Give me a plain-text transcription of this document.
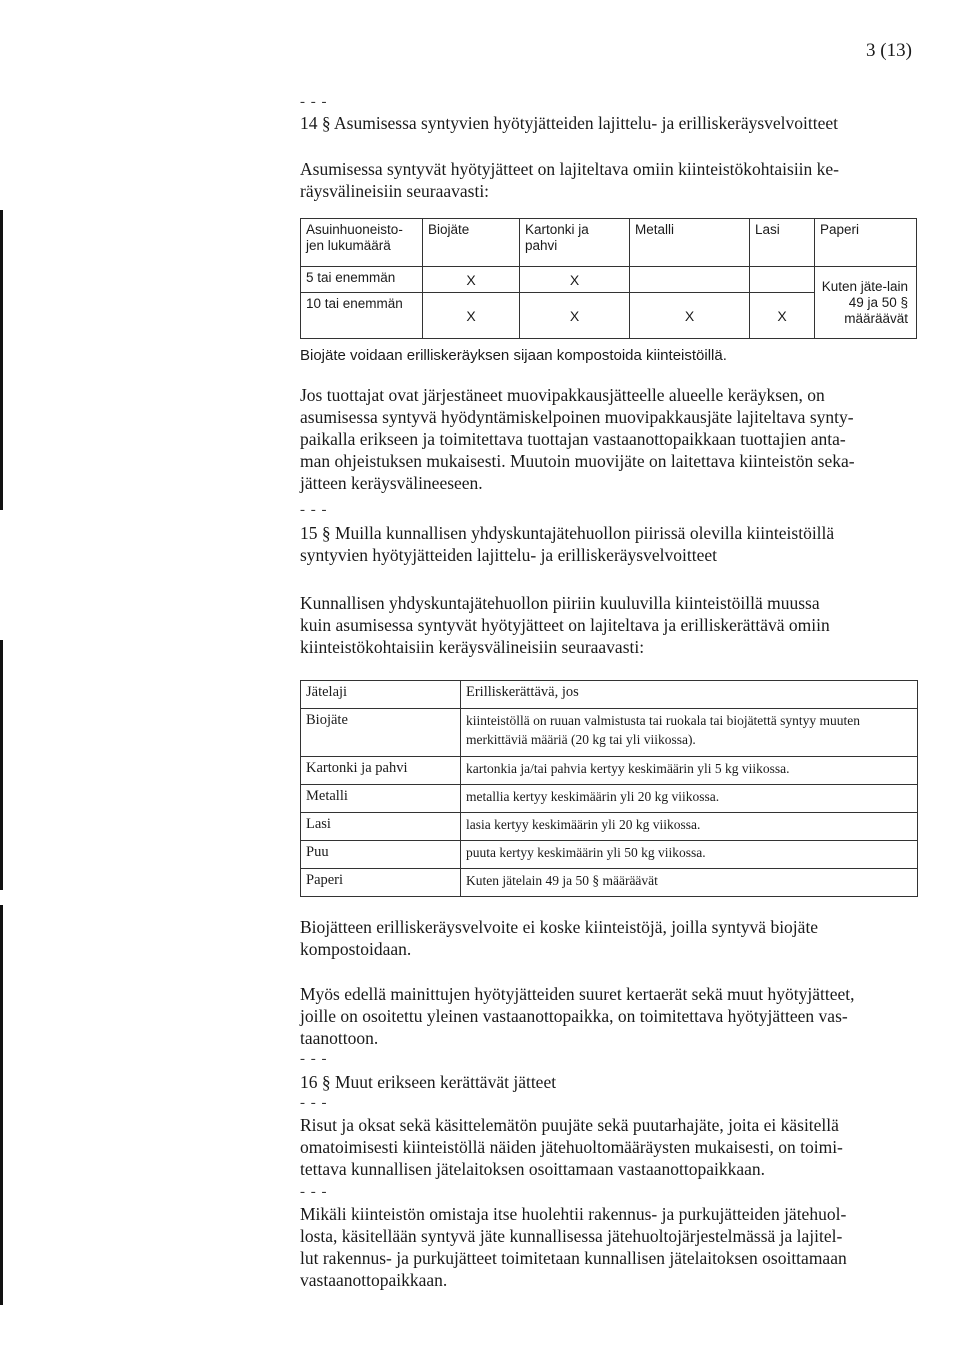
3 (13)
- - -
14 § Asumisessa syntyvien hyötyjätteiden lajittelu- ja erilliskeräysvelvoitteet
Asumisessa syntyvät hyötyjätteet on lajiteltava omiin kiinteistökohtaisiin ke-
räysvälineisiin seuraavasti:
Asuinhuoneisto-jen lukumäärä	Biojäte	Kartonki ja pahvi	Metalli	Lasi	Paperi
5 tai enemmän	X	X			Kuten jäte-lain 49 ja 50 § määräävät
10 tai enemmän	X	X	X	X	
Biojäte voidaan erilliskeräyksen sijaan kompostoida kiinteistöillä.
Jos tuottajat ovat järjestäneet muovipakkausjätteelle alueelle keräyksen, on
asumisessa syntyvä hyödyntämiskelpoinen muovipakkausjäte lajiteltava synty-
paikalla erikseen ja toimitettava tuottajan vastaanottopaikkaan tuottajien anta-
man ohjeistuksen mukaisesti. Muutoin muovijäte on laitettava kiinteistön seka-
jätteen keräysvälineeseen.
- - -
15 § Muilla kunnallisen yhdyskuntajätehuollon piirissä olevilla kiinteistöillä
syntyvien hyötyjätteiden lajittelu- ja erilliskeräysvelvoitteet
Kunnallisen yhdyskuntajätehuollon piiriin kuuluvilla kiinteistöillä muussa
kuin asumisessa syntyvät hyötyjätteet on lajiteltava ja erilliskerättävä omiin
kiinteistökohtaisiin keräysvälineisiin seuraavasti:
Jätelaji	Erilliskerättävä, jos
Biojäte	kiinteistöllä on ruuan valmistusta tai ruokala tai biojätettä syntyy muuten merkittäviä määriä (20 kg tai yli viikossa).
Kartonki ja pahvi	kartonkia ja/tai pahvia kertyy keskimäärin yli 5 kg viikossa.
Metalli	metallia kertyy keskimäärin yli 20 kg viikossa.
Lasi	lasia kertyy keskimäärin yli 20 kg viikossa.
Puu	puuta kertyy keskimäärin yli 50 kg viikossa.
Paperi	Kuten jätelain 49 ja 50 § määräävät
Biojätteen erilliskeräysvelvoite ei koske kiinteistöjä, joilla syntyvä biojäte
kompostoidaan.
Myös edellä mainittujen hyötyjätteiden suuret kertaerät sekä muut hyötyjätteet,
joille on osoitettu yleinen vastaanottopaikka, on toimitettava hyötyjätteen vas-
taanottoon.
- - -
16 § Muut erikseen kerättävät jätteet
- - -
Risut ja oksat sekä käsittelemätön puujäte sekä puutarhajäte, joita ei käsitellä
omatoimisesti kiinteistöllä näiden jätehuoltomääräysten mukaisesti, on toimi-
tettava kunnallisen jätelaitoksen osoittamaan vastaanottopaikkaan.
- - -
Mikäli kiinteistön omistaja itse huolehtii rakennus- ja purkujätteiden jätehuol-
losta, käsitellään syntyvä jäte kunnallisessa jätehuoltojärjestelmässä ja lajitel-
lut rakennus- ja purkujätteet toimitetaan kunnallisen jätelaitoksen osoittamaan
vastaanottopaikkaan.
